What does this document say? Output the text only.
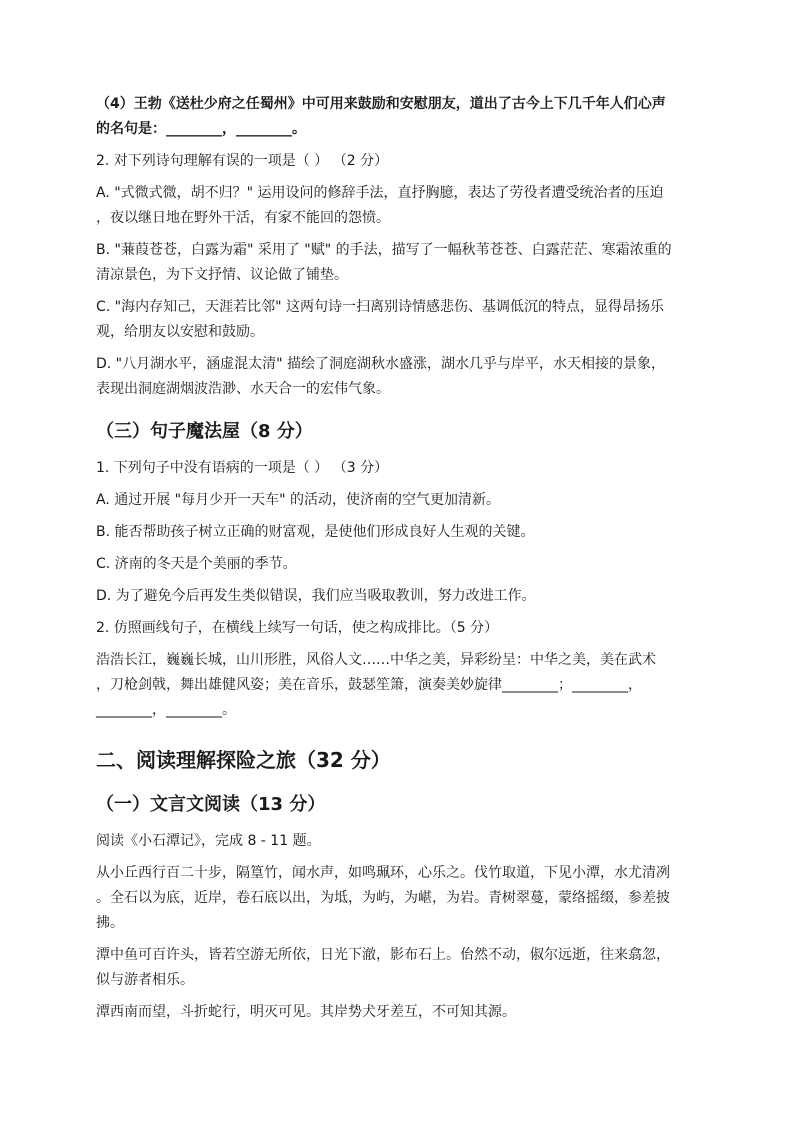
（4）王勃《送杜少府之任蜀州》中可用来鼓励和安慰朋友，道出了古今上下几千年人们心声

的名句是：________，________。

2. 对下列诗句理解有误的一项是（ ） （2 分）

A. "式微式微，胡不归？" 运用设问的修辞手法，直抒胸臆，表达了劳役者遭受统治者的压迫

，夜以继日地在野外干活，有家不能回的怨愤。

B. "蒹葭苍苍，白露为霜" 采用了 "赋" 的手法，描写了一幅秋苇苍苍、白露茫茫、寒霜浓重的

清凉景色，为下文抒情、议论做了铺垫。

C. "海内存知己，天涯若比邻" 这两句诗一扫离别诗情感悲伤、基调低沉的特点，显得昂扬乐

观，给朋友以安慰和鼓励。

D. "八月湖水平，涵虚混太清" 描绘了洞庭湖秋水盛涨，湖水几乎与岸平，水天相接的景象，

表现出洞庭湖烟波浩渺、水天合一的宏伟气象。

（三）句子魔法屋（8 分）

1. 下列句子中没有语病的一项是（ ） （3 分）

A. 通过开展 "每月少开一天车" 的活动，使济南的空气更加清新。

B. 能否帮助孩子树立正确的财富观，是使他们形成良好人生观的关键。

C. 济南的冬天是个美丽的季节。

D. 为了避免今后再发生类似错误，我们应当吸取教训，努力改进工作。

2. 仿照画线句子，在横线上续写一句话，使之构成排比。（5 分）

浩浩长江，巍巍长城，山川形胜，风俗人文……中华之美，异彩纷呈：中华之美，美在武术

，刀枪剑戟，舞出雄健风姿；美在音乐，鼓瑟笙箫，演奏美妙旋律________；________，

________，________。

二、阅读理解探险之旅（32 分）
（一）文言文阅读（13 分）

阅读《小石潭记》，完成 8 - 11 题。

从小丘西行百二十步，隔篁竹，闻水声，如鸣珮环，心乐之。伐竹取道，下见小潭，水尤清冽

。全石以为底，近岸，卷石底以出，为坻，为屿，为嵁，为岩。青树翠蔓，蒙络摇缀，参差披

拂。

潭中鱼可百许头，皆若空游无所依，日光下澈，影布石上。佁然不动，俶尔远逝，往来翕忽，

似与游者相乐。

潭西南而望，斗折蛇行，明灭可见。其岸势犬牙差互，不可知其源。
